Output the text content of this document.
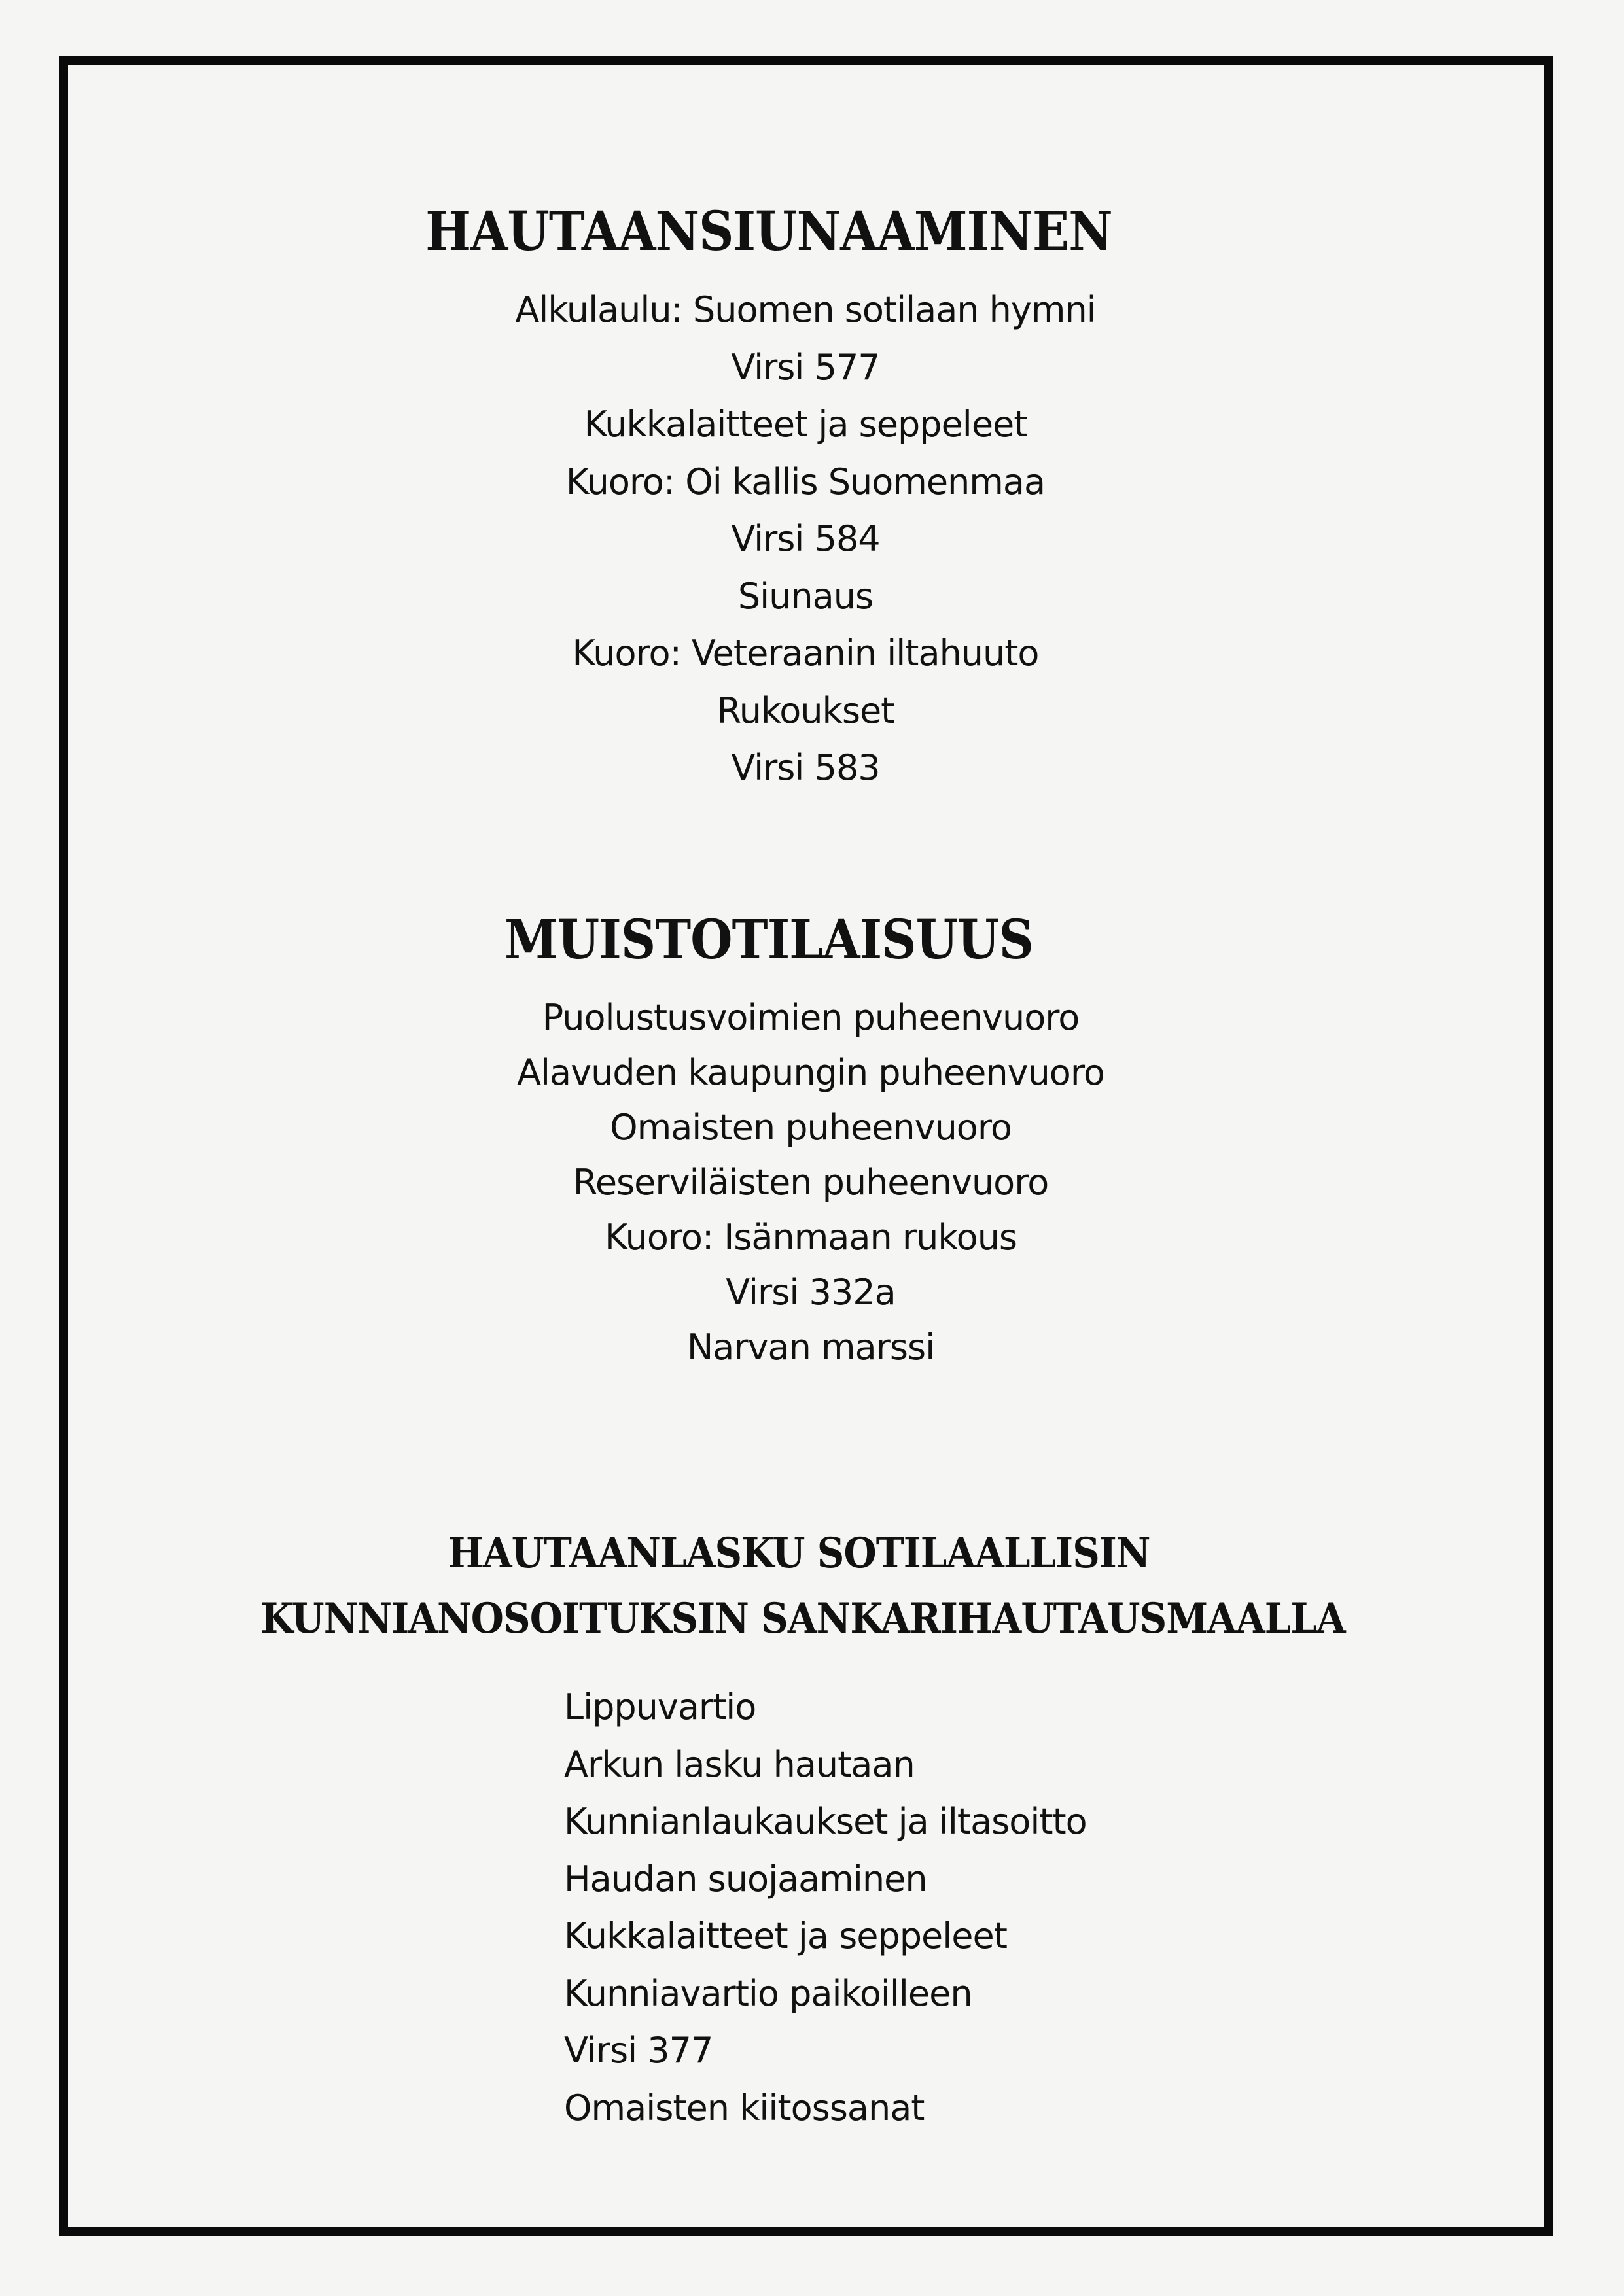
HAUTAANSIUNAAMINEN
Alkulaulu: Suomen sotilaan hymni
Virsi 577
Kukkalaitteet ja seppeleet
Kuoro: Oi kallis Suomenmaa
Virsi 584
Siunaus
Kuoro: Veteraanin iltahuuto
Rukoukset
Virsi 583
MUISTOTILAISUUS
Puolustusvoimien puheenvuoro
Alavuden kaupungin puheenvuoro
Omaisten puheenvuoro
Reserviläisten puheenvuoro
Kuoro: Isänmaan rukous
Virsi 332a
Narvan marssi
HAUTAANLASKU SOTILAALLISIN
KUNNIANOSOITUKSIN SANKARIHAUTAUSMAALLA
Lippuvartio
Arkun lasku hautaan
Kunnianlaukaukset ja iltasoitto
Haudan suojaaminen
Kukkalaitteet ja seppeleet
Kunniavartio paikoilleen
Virsi 377
Omaisten kiitossanat
